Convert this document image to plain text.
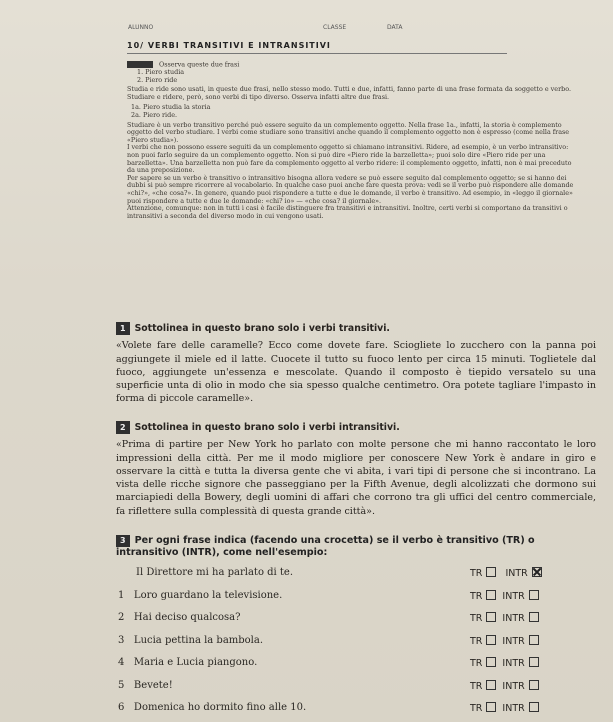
ALUNNO	CLASSE	DATA
10/ VERBI TRANSITIVI E INTRANSITIVI

Osserva queste due frasi

1. Piero studia

2. Piero ride

Studia e ride sono usati, in queste due frasi, nello stesso modo. Tutti e due, infatti, fanno parte di una frase formata da soggetto e verbo. Studiare e ridere, però, sono verbi di tipo diverso. Osserva infatti altre due frasi.

1a. Piero studia la storia

2a. Piero ride.

Studiare è un verbo transitivo perché può essere seguito da un complemento oggetto. Nella frase 1a., infatti, la storia è complemento oggetto del verbo studiare. I verbi come studiare sono transitivi anche quando il complemento oggetto non è espresso (come nella frase «Piero studia»).

I verbi che non possono essere seguiti da un complemento oggetto si chiamano intransitivi. Ridere, ad esempio, è un verbo intransitivo: non puoi farlo seguire da un complemento oggetto. Non si può dire «Piero ride la barzelletta»; puoi solo dire «Piero ride per una barzelletta». Una barzelletta non può fare da complemento oggetto al verbo ridere: il complemento oggetto, infatti, non è mai preceduto da una preposizione.

Per sapere se un verbo è transitivo o intransitivo bisogna allora vedere se può essere seguito dal complemento oggetto; se si hanno dei dubbi si può sempre ricorrere al vocabolario. In qualche caso puoi anche fare questa prova: vedi se il verbo può rispondere alle domande «chi?», «che cosa?». In genere, quando puoi rispondere a tutte e due le domande, il verbo è transitivo. Ad esempio, in «leggo il giornale» puoi rispondere a tutte e due le domande: «chi? io» — «che cosa? il giornale».

Attenzione, comunque: non in tutti i casi è facile distinguere fra transitivi e intransitivi. Inoltre, certi verbi si comportano da transitivi o intransitivi a seconda del diverso modo in cui vengono usati.

1 Sottolinea in questo brano solo i verbi transitivi.

«Volete fare delle caramelle? Ecco come dovete fare. Sciogliete lo zucchero con la panna poi aggiungete il miele ed il latte. Cuocete il tutto su fuoco lento per circa 15 minuti. Toglietele dal fuoco, aggiungete un'essenza e mescolate. Quando il composto è tiepido versatelo su una superficie unta di olio in modo che sia spesso qualche centimetro. Ora potete tagliare l'impasto in forma di piccole caramelle».

2 Sottolinea in questo brano solo i verbi intransitivi.

«Prima di partire per New York ho parlato con molte persone che mi hanno raccontato le loro impressioni della città. Per me il modo migliore per conoscere New York è andare in giro e osservare la città e tutta la diversa gente che vi abita, i vari tipi di persone che si incontrano. La vista delle ricche signore che passeggiano per la Fifth Avenue, degli alcolizzati che dormono sui marciapiedi della Bowery, degli uomini di affari che corrono tra gli uffici del centro commerciale, fa riflettere sulla complessità di questa grande città».

3 Per ogni frase indica (facendo una crocetta) se il verbo è transitivo (TR) o
intransitivo (INTR), come nell'esempio:
Il Direttore mi ha parlato di te.	TR INTR
1 Loro guardano la televisione.	TR INTR
2 Hai deciso qualcosa?	TR INTR
3 Lucia pettina la bambola.	TR INTR
4 Maria e Lucia piangono.	TR INTR
5 Bevete!	TR INTR
6 Domenica ho dormito fino alle 10.	TR INTR
